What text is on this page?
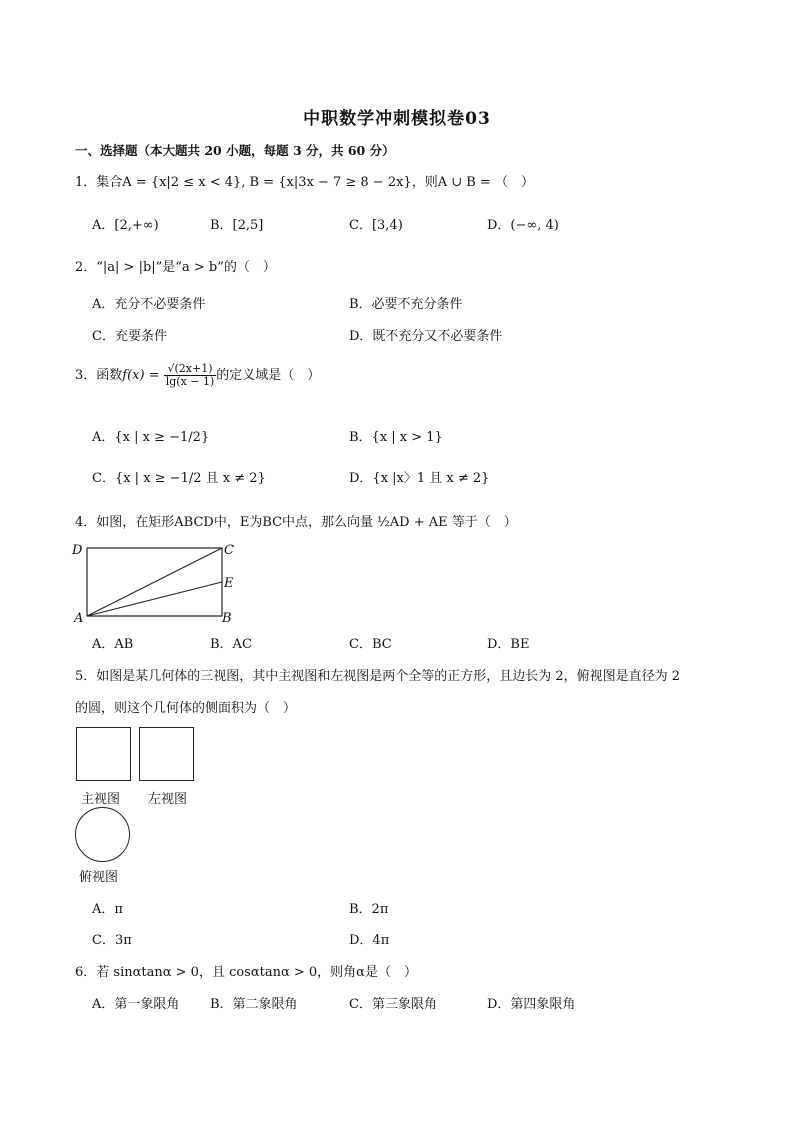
中职数学冲刺模拟卷03
一、选择题（本大题共 20 小题，每题 3 分，共 60 分）
1．集合A = {x|2 ≤ x < 4}, B = {x|3x − 7 ≥ 8 − 2x}，则A ∪ B = （　）
A．[2,+∞)	B．[2,5]	C．[3,4)	D．(−∞, 4)
2．“|a| > |b|”是“a > b”的（　）
A．充分不必要条件	B．必要不充分条件
C．充要条件	D．既不充分又不必要条件
3．函数$f(x) = \frac{√(2x+1)}{\lg(x - 1)}$ 的定义域是（　）
A．{x | x ≥ −1/2}	B．{x | x > 1}
C．{x | x ≥ −1/2 且 x ≠ 2}	D．{x |x〉1 且 x ≠ 2}
4．如图，在矩形ABCD中，E为BC中点，那么向量 ½AD + AE 等于（　）
D	C
E
A	B
A．AB	B．AC	C．BC	D．BE
5．如图是某几何体的三视图，其中主视图和左视图是两个全等的正方形，且边长为 2，俯视图是直径为 2
的圆，则这个几何体的侧面积为（　）
主视图 左视图
俯视图
A．π	B．2π
C．3π	D．4π
6．若 sinαtanα > 0，且 cosαtanα > 0，则角α是（　）
A．第一象限角 B．第二象限角	C．第三象限角	D．第四象限角
